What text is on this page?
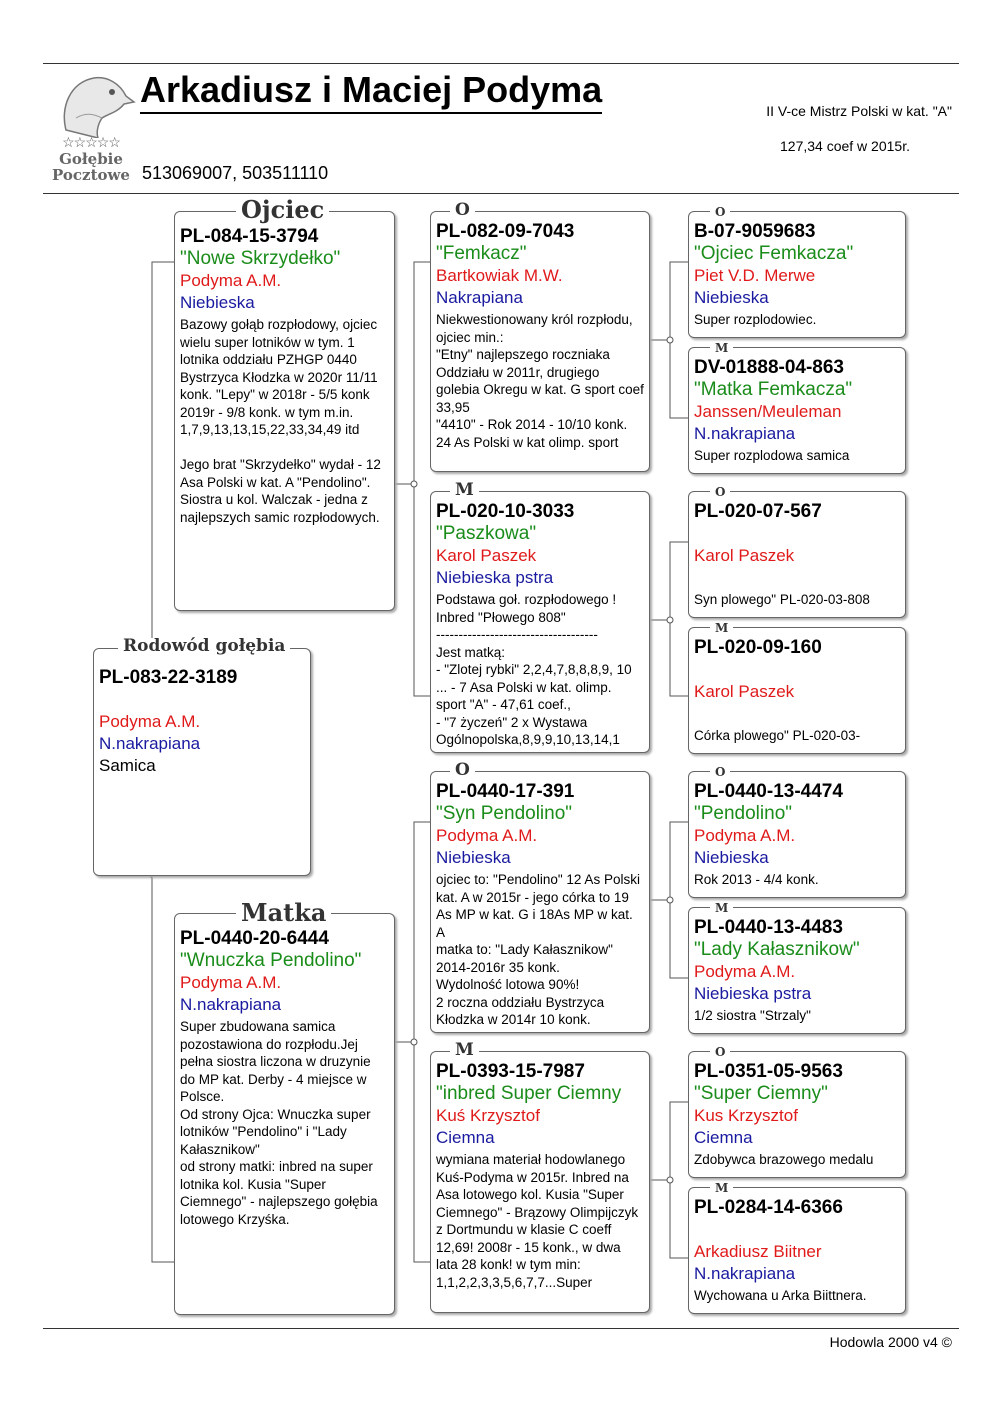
☆☆☆☆☆
Gołębie
Pocztowe
Arkadiusz i Maciej Podyma
513069007, 503511110
II V-ce Mistrz Polski w kat. "A"
127,34 coef w 2015r.
PL-083-22-3189
Podyma A.M.
N.nakrapiana
Samica
Rodowód gołębia
PL-084-15-3794
"Nowe Skrzydełko"
Podyma A.M.
Niebieska
Bazowy gołąb rozpłodowy, ojciec wielu super lotników w tym. 1 lotnika oddziału PZHGP 0440 Bystrzyca Kłodzka w 2020r 11/11 konk. "Lepy" w 2018r - 5/5 konk 2019r - 9/8 konk. w tym m.in. 1,7,9,13,13,15,22,33,34,49 itd

Jego brat "Skrzydełko" wydał - 12 Asa Polski w kat. A "Pendolino". Siostra u kol. Walczak - jedna z najlepszych samic rozpłodowych.
Ojciec
PL-0440-20-6444
"Wnuczka Pendolino"
Podyma A.M.
N.nakrapiana
Super zbudowana samica pozostawiona do rozpłodu.Jej pełna siostra liczona w druzynie do MP kat. Derby - 4 miejsce w Polsce.
Od strony Ojca: Wnuczka super lotników "Pendolino" i "Lady Kałasznikow"
od strony matki: inbred na super lotnika kol. Kusia "Super Ciemnego" - najlepszego gołębia lotowego Krzyśka.
Matka
PL-082-09-7043
"Femkacz"
Bartkowiak M.W.
Nakrapiana
Niekwestionowany król rozpłodu, ojciec min.:
"Etny" najlepszego roczniaka Oddziału w 2011r, drugiego golebia Okregu w kat. G sport coef 33,95
"4410" - Rok 2014 - 10/10 konk.
24 As Polski w kat olimp. sport
O
PL-020-10-3033
"Paszkowa"
Karol Paszek
Niebieska pstra
Podstawa goł. rozpłodowego ! Inbred "Płowego 808"
------------------------------------
Jest matką:
- "Zlotej rybki" 2,2,4,7,8,8,8,9, 10 ... - 7 Asa Polski w kat. olimp. sport "A" - 47,61 coef.,
- "7 życzeń" 2 x Wystawa Ogólnopolska,8,9,9,10,13,14,1
M
PL-0440-17-391
"Syn Pendolino"
Podyma A.M.
Niebieska
ojciec to: "Pendolino" 12 As Polski kat. A w 2015r - jego córka to 19 As MP w kat. G i 18As MP w kat. A
matka to: "Lady Kałasznikow" 2014-2016r 35 konk.
Wydolność lotowa 90%!
2 roczna oddziału Bystrzyca Kłodzka w 2014r 10 konk.
O
PL-0393-15-7987
"inbred Super Ciemny
Kuś Krzysztof
Ciemna
wymiana materiał hodowlanego Kuś-Podyma w 2015r. Inbred na Asa lotowego kol. Kusia "Super Ciemnego" - Brązowy Olimpijczyk z Dortmundu w klasie C coeff 12,69! 2008r - 15 konk., w dwa lata 28 konk! w tym min: 1,1,2,2,3,3,5,6,7,7...Super
M
B-07-9059683
"Ojciec Femkacza"
Piet V.D. Merwe
Niebieska
Super rozplodowiec.
O
DV-01888-04-863
"Matka Femkacza"
Janssen/Meuleman
N.nakrapiana
Super rozplodowa samica
M
PL-020-07-567
Karol Paszek
Syn plowego" PL-020-03-808
O
PL-020-09-160
Karol Paszek
Córka plowego" PL-020-03-
M
PL-0440-13-4474
"Pendolino"
Podyma A.M.
Niebieska
Rok 2013 - 4/4 konk.
O
PL-0440-13-4483
"Lady Kałasznikow"
Podyma A.M.
Niebieska pstra
1/2 siostra "Strzaly"
M
PL-0351-05-9563
"Super Ciemny"
Kus Krzysztof
Ciemna
Zdobywca brazowego medalu
O
PL-0284-14-6366
Arkadiusz Biitner
N.nakrapiana
Wychowana u Arka Biittnera.
M
Hodowla 2000 v4 ©
